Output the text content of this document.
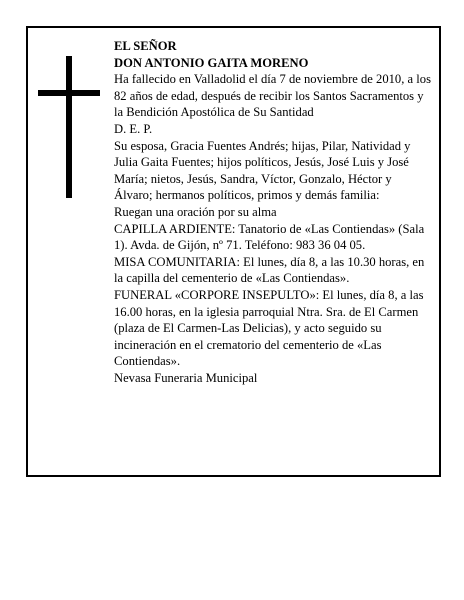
EL SEÑOR

DON ANTONIO GAITA MORENO

Ha fallecido en Valladolid el día 7 de noviembre de 2010, a los 82 años de edad, después de recibir los Santos Sacramentos y la Bendición Apostólica de Su Santidad

D. E. P.

Su esposa, Gracia Fuentes Andrés; hijas, Pilar, Natividad y Julia Gaita Fuentes; hijos políticos, Jesús, José Luis y José María; nietos, Jesús, Sandra, Víctor, Gonzalo, Héctor y Álvaro; hermanos políticos, primos y demás familia:

Ruegan una oración por su alma

CAPILLA ARDIENTE: Tanatorio de «Las Contiendas» (Sala 1). Avda. de Gijón, nº 71. Teléfono: 983 36 04 05.

MISA COMUNITARIA: El lunes, día 8, a las 10.30 horas, en la capilla del cementerio de «Las Contiendas».

FUNERAL «CORPORE INSEPULTO»: El lunes, día 8, a las 16.00 horas, en la iglesia parroquial Ntra. Sra. de El Carmen (plaza de El Carmen-Las Delicias), y acto seguido su incineración en el crematorio del cementerio de «Las Contiendas».

Nevasa Funeraria Municipal
